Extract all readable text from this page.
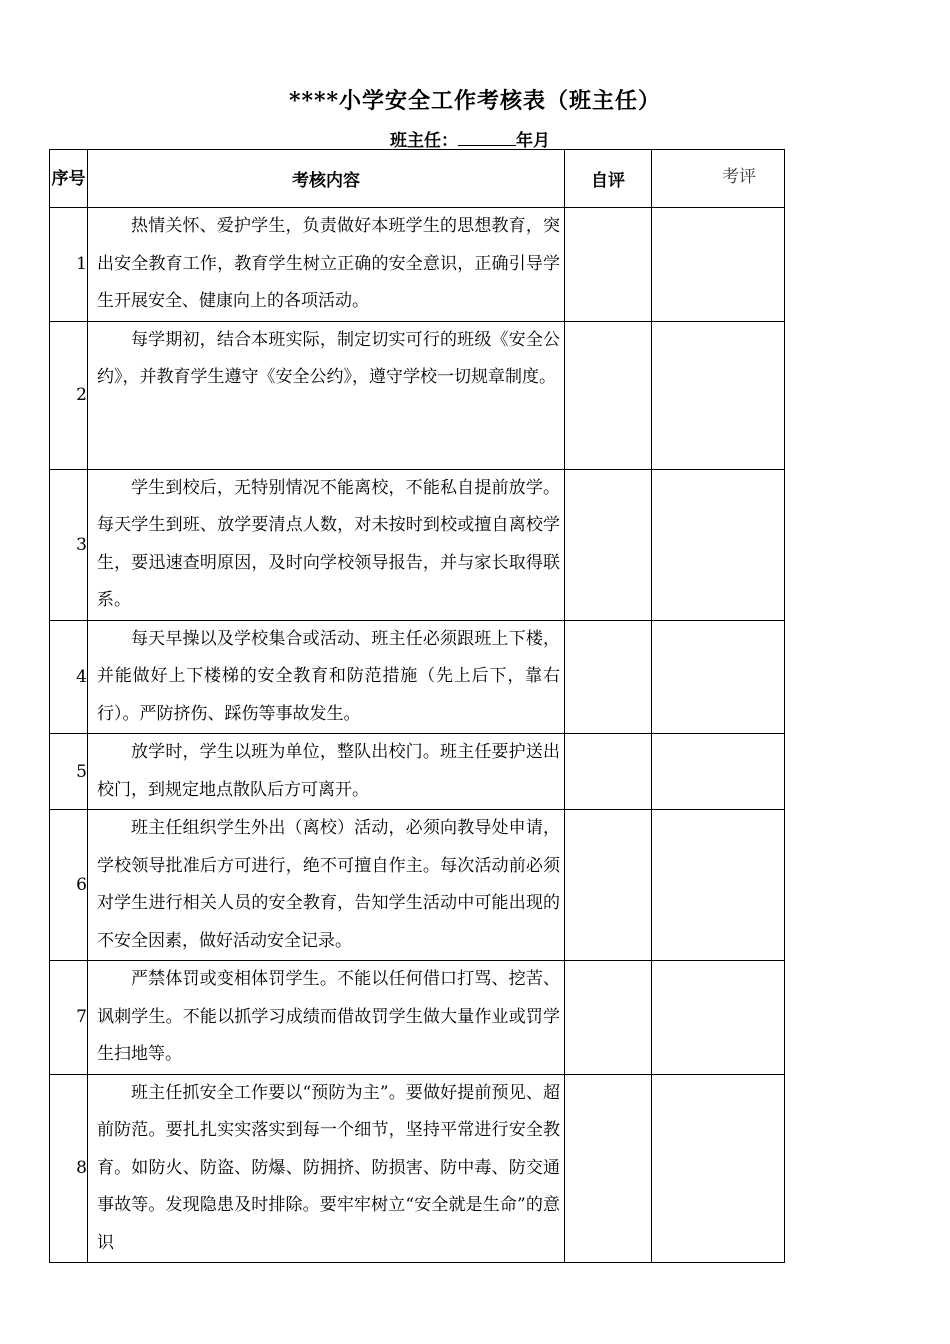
****小学安全工作考核表（班主任）
班主任：	年月
序号	考核内容	自评	考评
1	热情关怀、爱护学生，负责做好本班学生的思想教育，突出安全教育工作，教育学生树立正确的安全意识，正确引导学生开展安全、健康向上的各项活动。		

2	每学期初，结合本班实际，制定切实可行的班级《安全公约》，并教育学生遵守《安全公约》，遵守学校一切规章制度。		

3	学生到校后，无特别情况不能离校，不能私自提前放学。每天学生到班、放学要清点人数，对未按时到校或擅自离校学生，要迅速查明原因，及时向学校领导报告，并与家长取得联系。		

4	每天早操以及学校集合或活动、班主任必须跟班上下楼，并能做好上下楼梯的安全教育和防范措施（先上后下，靠右行）。严防挤伤、踩伤等事故发生。		

5	放学时，学生以班为单位，整队出校门。班主任要护送出校门，到规定地点散队后方可离开。		

6	班主任组织学生外出（离校）活动，必须向教导处申请，学校领导批准后方可进行，绝不可擅自作主。每次活动前必须对学生进行相关人员的安全教育，告知学生活动中可能出现的不安全因素，做好活动安全记录。		

7	严禁体罚或变相体罚学生。不能以任何借口打骂、挖苦、讽刺学生。不能以抓学习成绩而借故罚学生做大量作业或罚学生扫地等。		

8	班主任抓安全工作要以“预防为主”。要做好提前预见、超前防范。要扎扎实实落实到每一个细节，坚持平常进行安全教育。如防火、防盗、防爆、防拥挤、防损害、防中毒、防交通事故等。发现隐患及时排除。要牢牢树立“安全就是生命”的意识		
